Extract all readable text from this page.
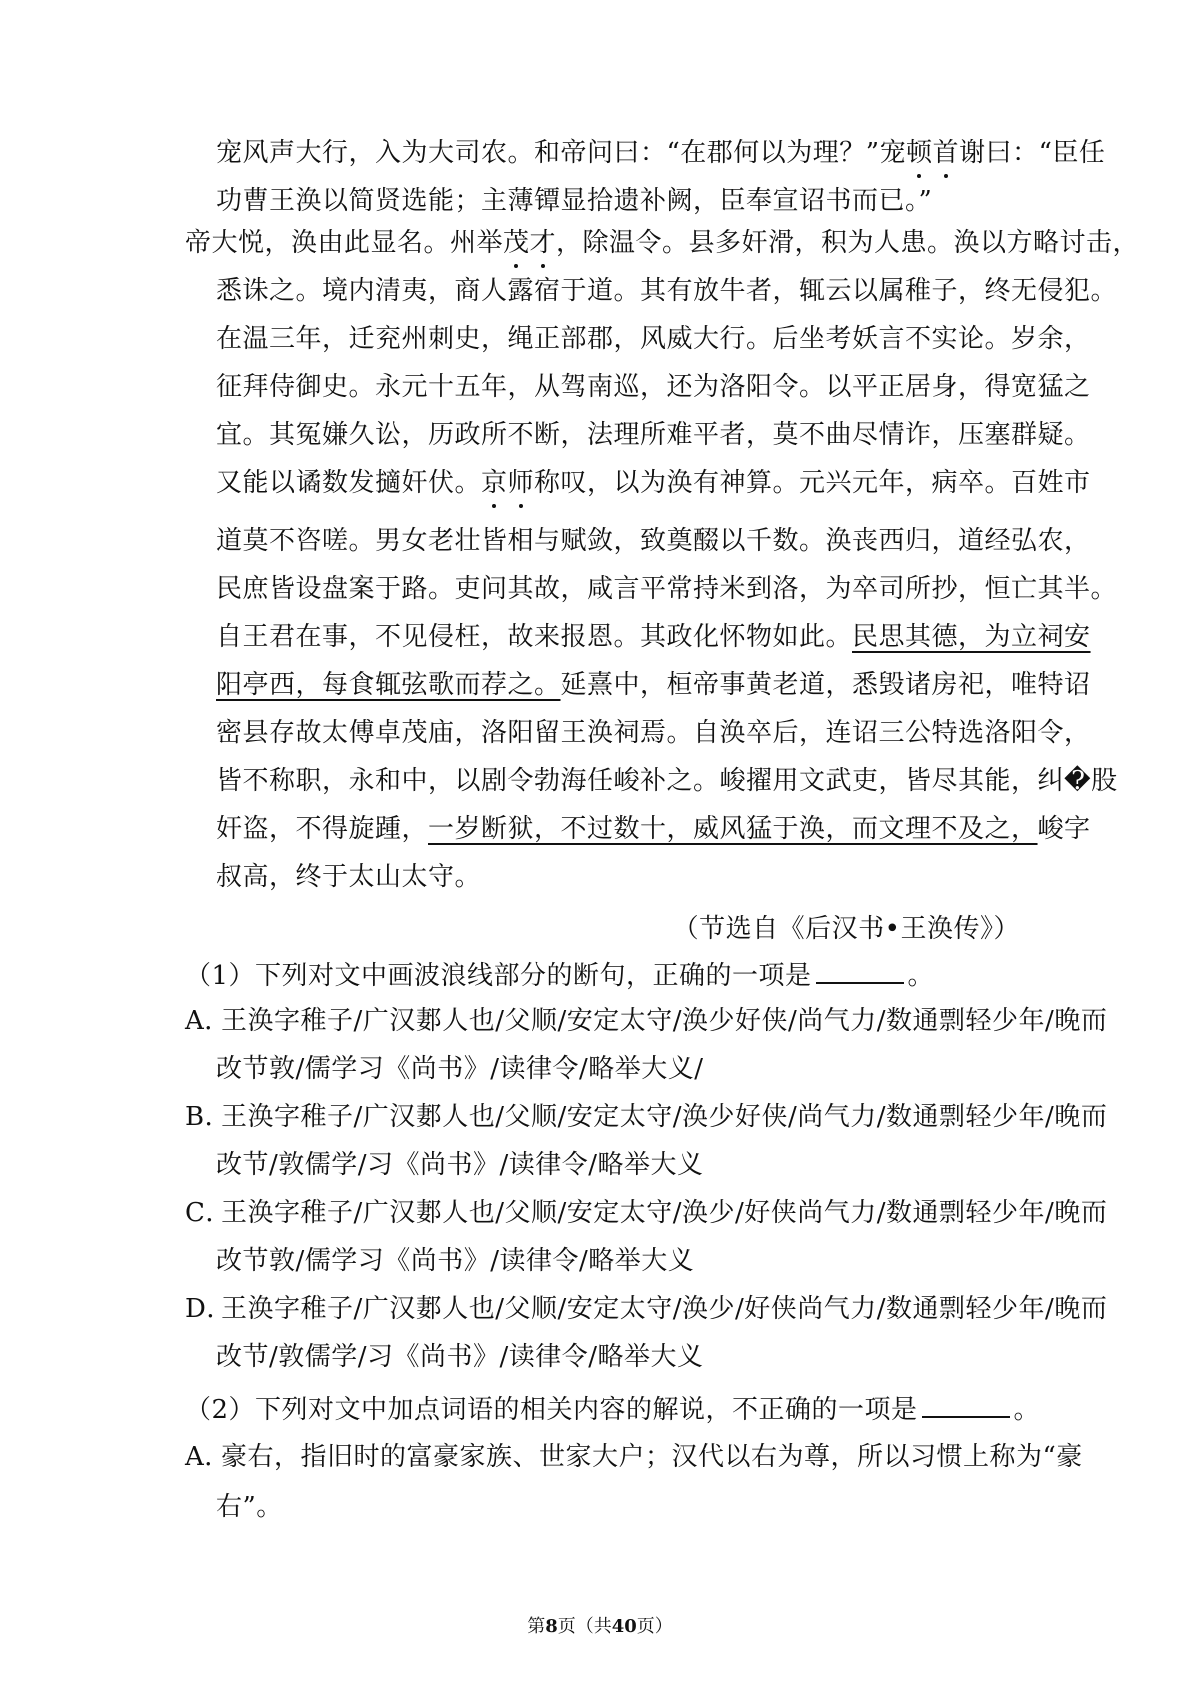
宠风声大行，入为大司农。和帝问曰：“在郡何以为理？”宠顿首谢曰：“臣任
功曹王涣以简贤选能；主薄镡显拾遗补阙，臣奉宣诏书而已。”
帝大悦，涣由此显名。州举茂才，除温令。县多奸滑，积为人患。涣以方略讨击，
悉诛之。境内清夷，商人露宿于道。其有放牛者，辄云以属稚子，终无侵犯。
在温三年，迁兖州刺史，绳正部郡，风威大行。后坐考妖言不实论。岁余，
征拜侍御史。永元十五年，从驾南巡，还为洛阳令。以平正居身，得宽猛之
宜。其冤嫌久讼，历政所不断，法理所难平者，莫不曲尽情诈，压塞群疑。
又能以谲数发擿奸伏。京师称叹，以为涣有神算。元兴元年，病卒。百姓市
道莫不咨嗟。男女老壮皆相与赋敛，致奠醊以千数。涣丧西归，道经弘农，
民庶皆设盘案于路。吏问其故，咸言平常持米到洛，为卒司所抄，恒亡其半。
自王君在事，不见侵枉，故来报恩。其政化怀物如此。民思其德，为立祠安
阳亭西，每食辄弦歌而荐之。延熹中，桓帝事黄老道，悉毁诸房祀，唯特诏
密县存故太傅卓茂庙，洛阳留王涣祠焉。自涣卒后，连诏三公特选洛阳令，
皆不称职，永和中，以剧令勃海任峻补之。峻擢用文武吏，皆尽其能，纠�股
奸盗，不得旋踵，一岁断狱，不过数十，威风猛于涣，而文理不及之，峻字
叔高，终于太山太守。
（节选自《后汉书•王涣传》）
（1）下列对文中画波浪线部分的断句，正确的一项是	。
A．王涣字稚子/广汉郪人也/父顺/安定太守/涣少好侠/尚气力/数通剽轻少年/晚而
改节敦/儒学习《尚书》/读律令/略举大义/
B．王涣字稚子/广汉郪人也/父顺/安定太守/涣少好侠/尚气力/数通剽轻少年/晚而
改节/敦儒学/习《尚书》/读律令/略举大义
C．王涣字稚子/广汉郪人也/父顺/安定太守/涣少/好侠尚气力/数通剽轻少年/晚而
改节敦/儒学习《尚书》/读律令/略举大义
D．王涣字稚子/广汉郪人也/父顺/安定太守/涣少/好侠尚气力/数通剽轻少年/晚而
改节/敦儒学/习《尚书》/读律令/略举大义
（2）下列对文中加点词语的相关内容的解说，不正确的一项是	。
A．豪右，指旧时的富豪家族、世家大户；汉代以右为尊，所以习惯上称为“豪
右”。
第8页（共40页）
